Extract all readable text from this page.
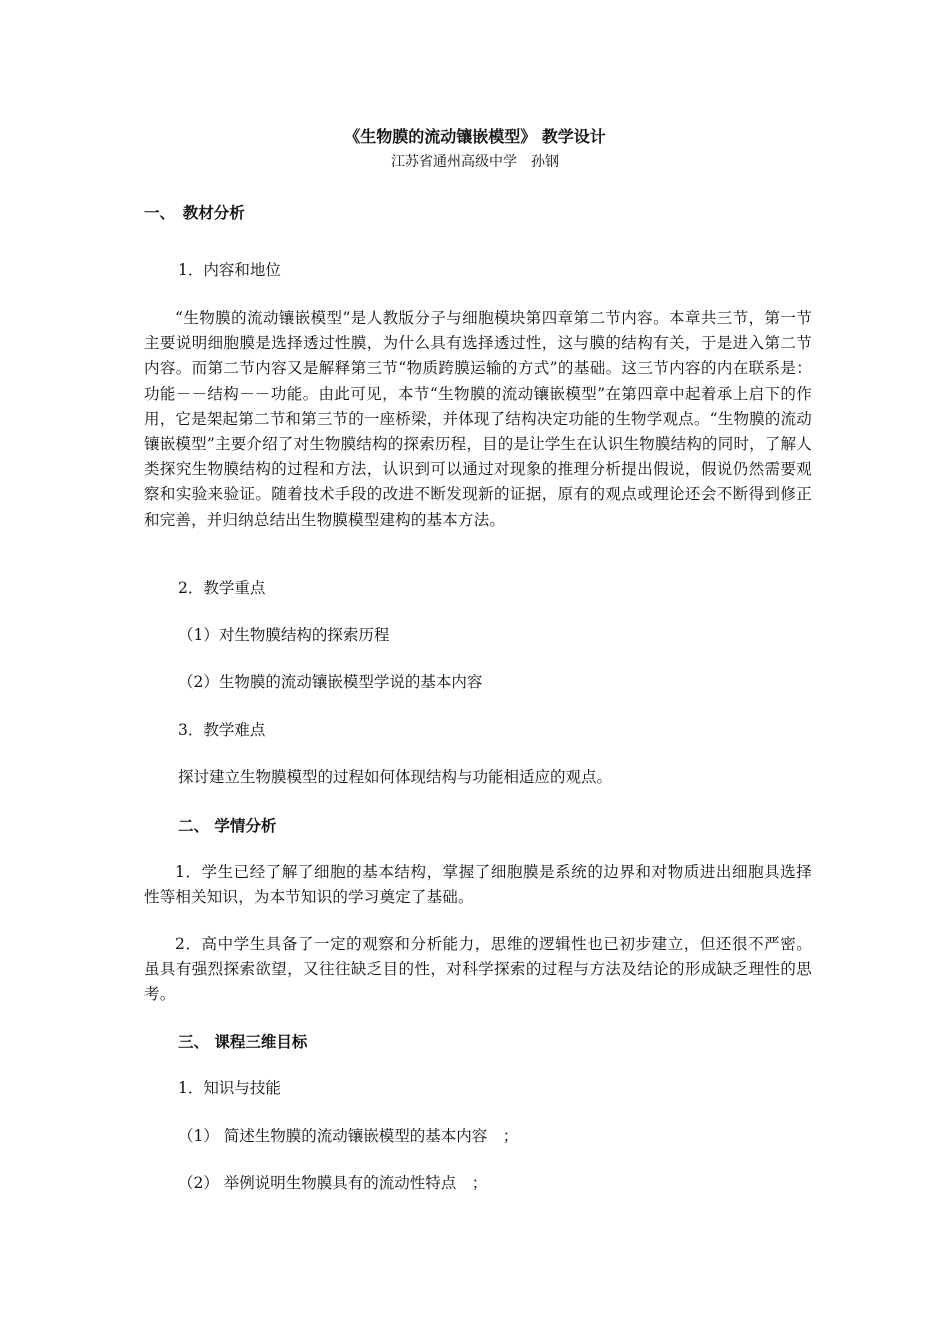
《生物膜的流动镶嵌模型》 教学设计
江苏省通州高级中学　孙钢
一、　教材分析
1．内容和地位
“生物膜的流动镶嵌模型”是人教版分子与细胞模块第四章第二节内容。本章共三节，第一节主要说明细胞膜是选择透过性膜，为什么具有选择透过性，这与膜的结构有关，于是进入第二节内容。而第二节内容又是解释第三节“物质跨膜运输的方式”的基础。这三节内容的内在联系是：功能－－结构－－功能。由此可见，本节“生物膜的流动镶嵌模型”在第四章中起着承上启下的作用，它是架起第二节和第三节的一座桥梁，并体现了结构决定功能的生物学观点。“生物膜的流动镶嵌模型”主要介绍了对生物膜结构的探索历程，目的是让学生在认识生物膜结构的同时，了解人类探究生物膜结构的过程和方法，认识到可以通过对现象的推理分析提出假说，假说仍然需要观察和实验来验证。随着技术手段的改进不断发现新的证据，原有的观点或理论还会不断得到修正和完善，并归纳总结出生物膜模型建构的基本方法。
2．教学重点
（1）对生物膜结构的探索历程
（2）生物膜的流动镶嵌模型学说的基本内容
3．教学难点
探讨建立生物膜模型的过程如何体现结构与功能相适应的观点。
二、 学情分析
1．学生已经了解了细胞的基本结构，掌握了细胞膜是系统的边界和对物质进出细胞具选择性等相关知识，为本节知识的学习奠定了基础。
2．高中学生具备了一定的观察和分析能力，思维的逻辑性也已初步建立，但还很不严密。虽具有强烈探索欲望，又往往缺乏目的性，对科学探索的过程与方法及结论的形成缺乏理性的思考。
三、 课程三维目标
1．知识与技能
（1） 简述生物膜的流动镶嵌模型的基本内容　；
（2） 举例说明生物膜具有的流动性特点　；
